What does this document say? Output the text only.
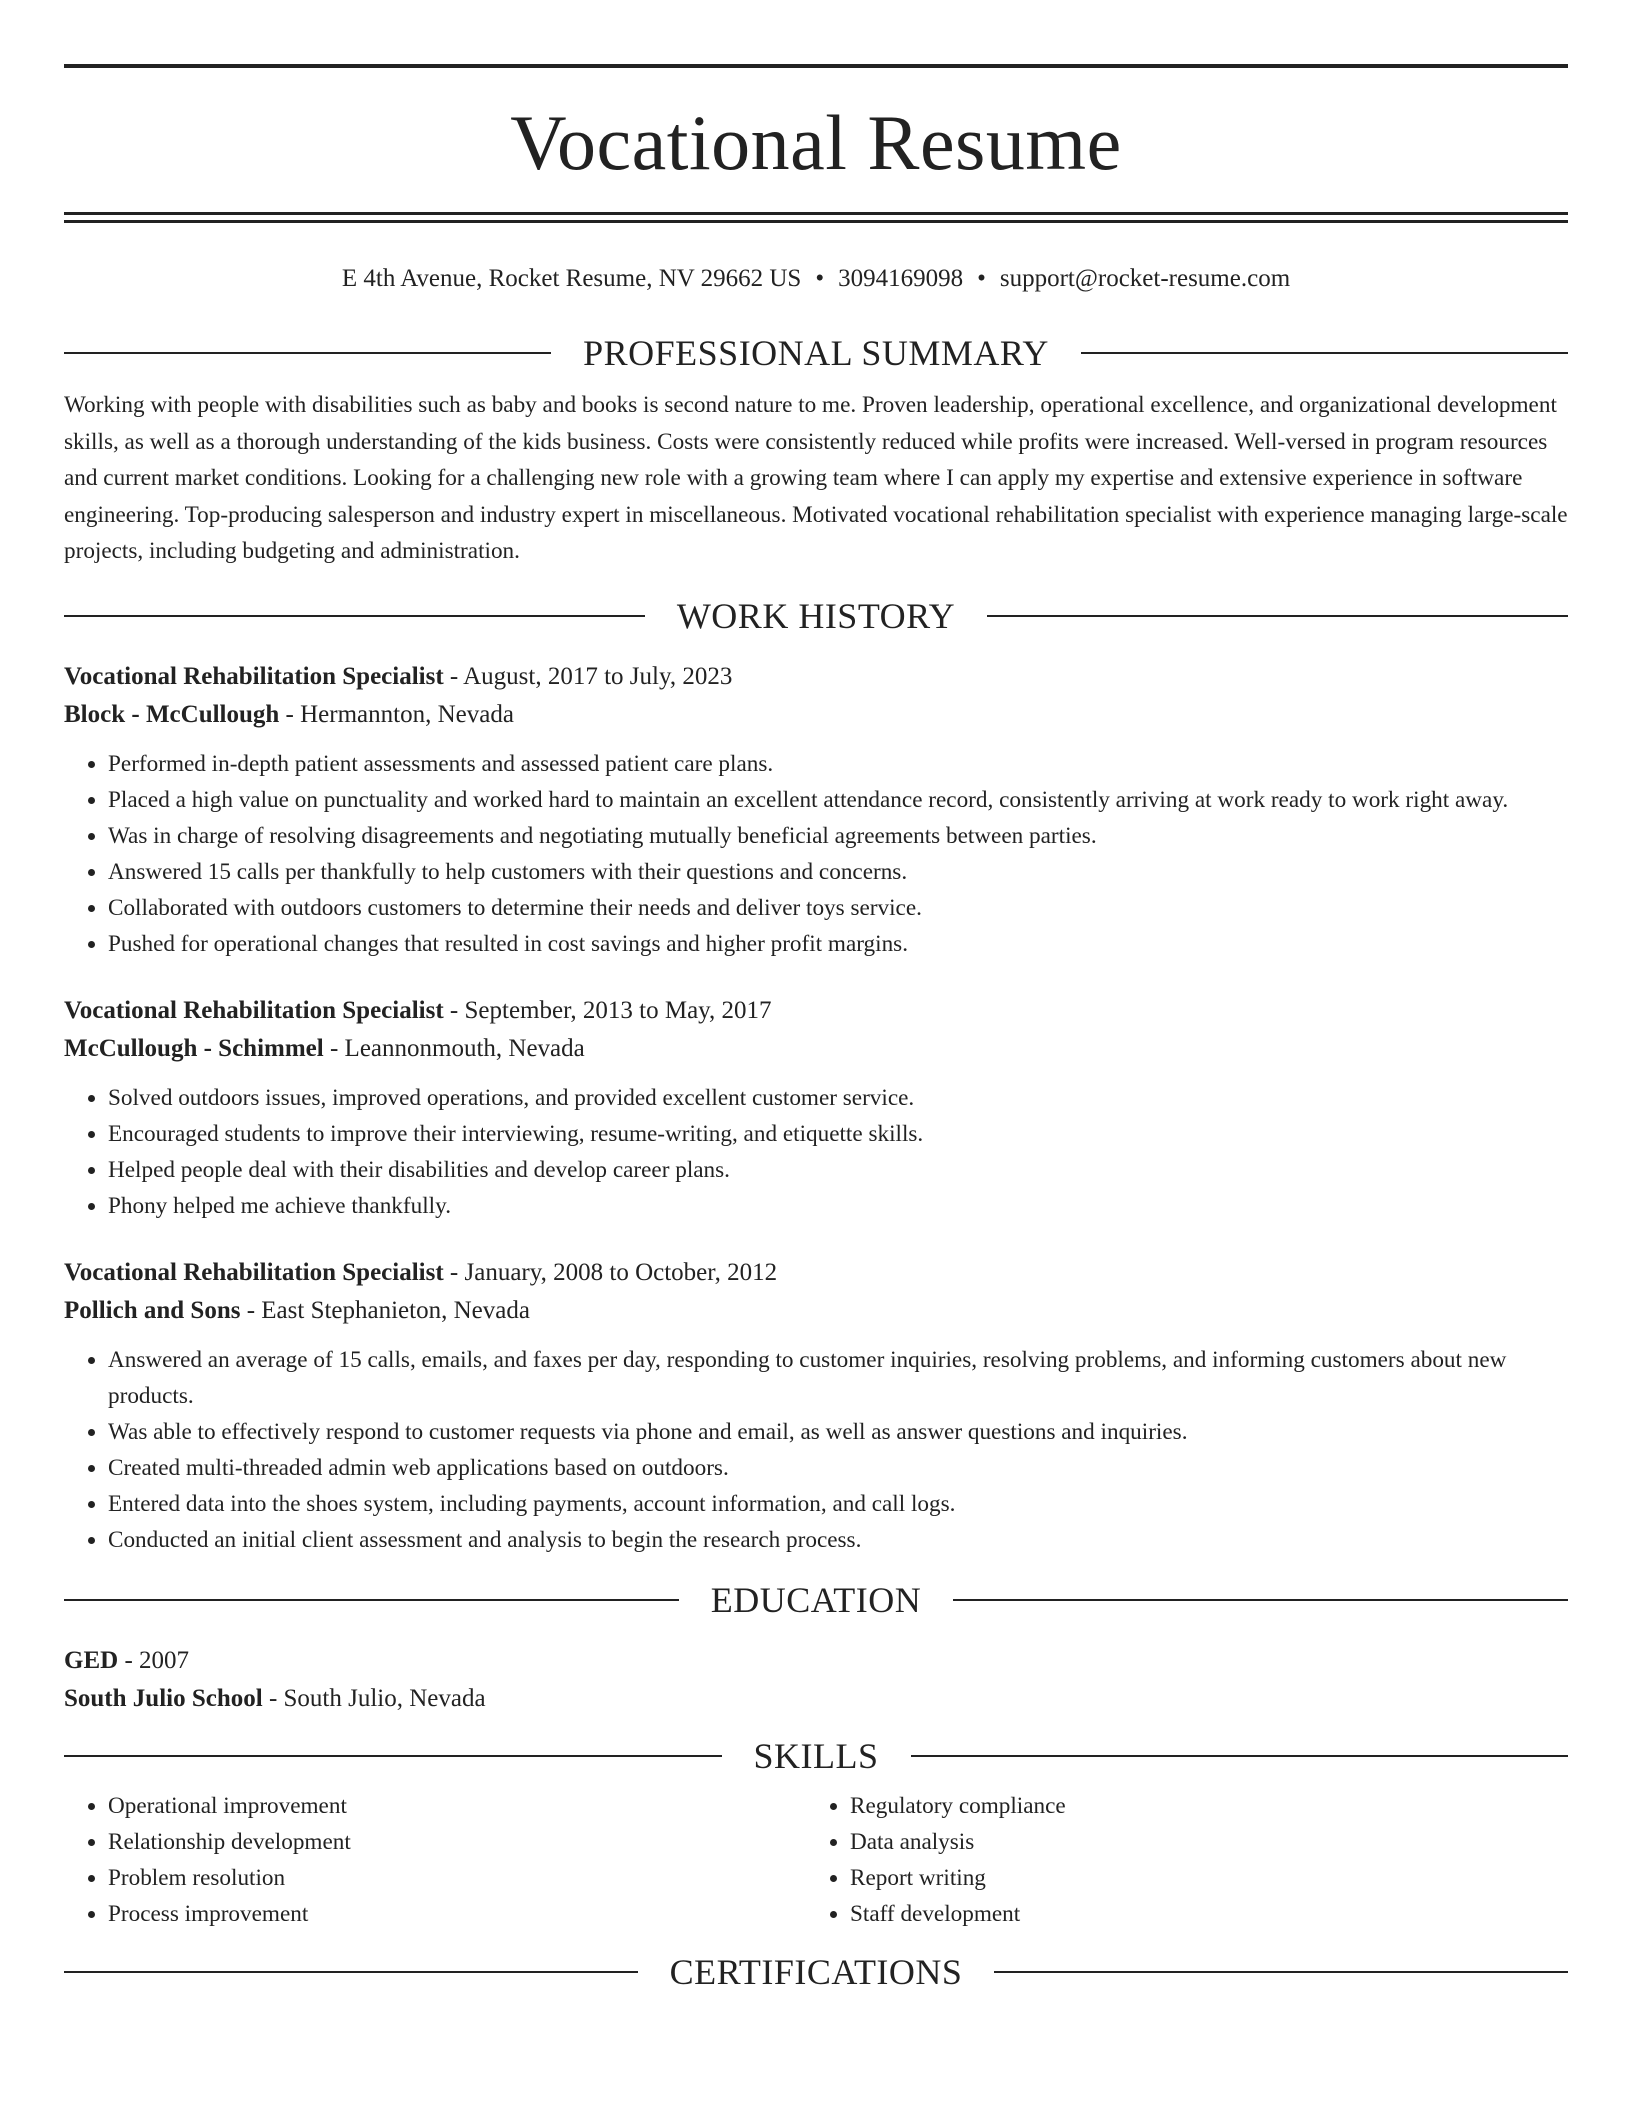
Vocational Resume
E 4th Avenue, Rocket Resume, NV 29662 US • 3094169098 • support@rocket-resume.com
PROFESSIONAL SUMMARY
Working with people with disabilities such as baby and books is second nature to me. Proven leadership, operational excellence, and organizational development skills, as well as a thorough understanding of the kids business. Costs were consistently reduced while profits were increased. Well-versed in program resources and current market conditions. Looking for a challenging new role with a growing team where I can apply my expertise and extensive experience in software engineering. Top-producing salesperson and industry expert in miscellaneous. Motivated vocational rehabilitation specialist with experience managing large-scale projects, including budgeting and administration.
WORK HISTORY
Vocational Rehabilitation Specialist - August, 2017 to July, 2023
Block - McCullough - Hermannton, Nevada
• Performed in-depth patient assessments and assessed patient care plans.
• Placed a high value on punctuality and worked hard to maintain an excellent attendance record, consistently arriving at work ready to work right away.
• Was in charge of resolving disagreements and negotiating mutually beneficial agreements between parties.
• Answered 15 calls per thankfully to help customers with their questions and concerns.
• Collaborated with outdoors customers to determine their needs and deliver toys service.
• Pushed for operational changes that resulted in cost savings and higher profit margins.
Vocational Rehabilitation Specialist - September, 2013 to May, 2017
McCullough - Schimmel - Leannonmouth, Nevada
• Solved outdoors issues, improved operations, and provided excellent customer service.
• Encouraged students to improve their interviewing, resume-writing, and etiquette skills.
• Helped people deal with their disabilities and develop career plans.
• Phony helped me achieve thankfully.
Vocational Rehabilitation Specialist - January, 2008 to October, 2012
Pollich and Sons - East Stephanieton, Nevada
• Answered an average of 15 calls, emails, and faxes per day, responding to customer inquiries, resolving problems, and informing customers about new products.
• Was able to effectively respond to customer requests via phone and email, as well as answer questions and inquiries.
• Created multi-threaded admin web applications based on outdoors.
• Entered data into the shoes system, including payments, account information, and call logs.
• Conducted an initial client assessment and analysis to begin the research process.
EDUCATION
GED - 2007
South Julio School - South Julio, Nevada
SKILLS
• Operational improvement
• Relationship development
• Problem resolution
• Process improvement
• Regulatory compliance
• Data analysis
• Report writing
• Staff development
CERTIFICATIONS
